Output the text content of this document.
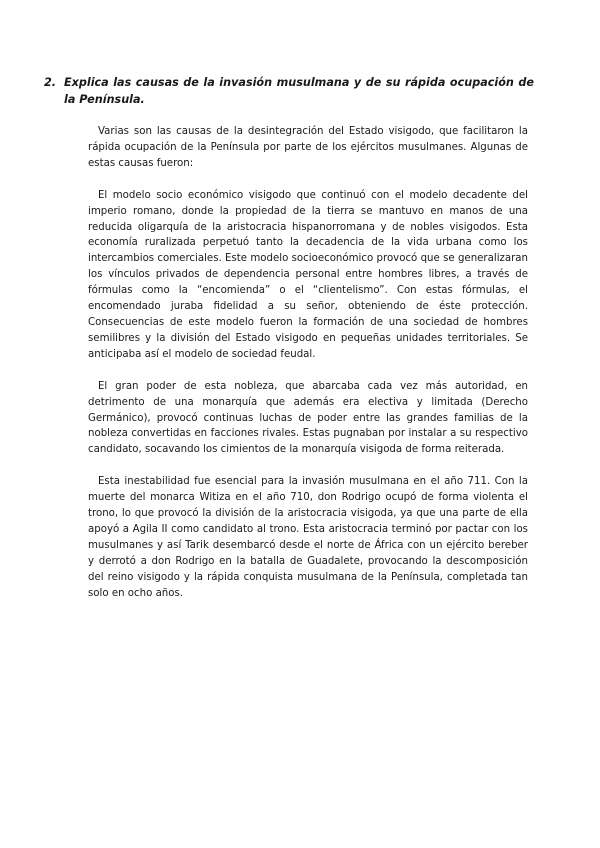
2. Explica las causas de la invasión musulmana y de su rápida ocupación de la Península.

Varias son las causas de la desintegración del Estado visigodo, que facilitaron la rápida ocupación de la Península por parte de los ejércitos musulmanes. Algunas de estas causas fueron:

El modelo socio económico visigodo que continuó con el modelo decadente del imperio romano, donde la propiedad de la tierra se mantuvo en manos de una reducida oligarquía de la aristocracia hispanorromana y de nobles visigodos. Esta economía ruralizada perpetuó tanto la decadencia de la vida urbana como los intercambios comerciales. Este modelo socioeconómico provocó que se generalizaran los vínculos privados de dependencia personal entre hombres libres, a través de fórmulas como la “encomienda” o el “clientelismo”. Con estas fórmulas, el encomendado juraba fidelidad a su señor, obteniendo de éste protección. Consecuencias de este modelo fueron la formación de una sociedad de hombres semilibres y la división del Estado visigodo en pequeñas unidades territoriales. Se anticipaba así el modelo de sociedad feudal.

El gran poder de esta nobleza, que abarcaba cada vez más autoridad, en detrimento de una monarquía que además era electiva y limitada (Derecho Germánico), provocó continuas luchas de poder entre las grandes familias de la nobleza convertidas en facciones rivales. Estas pugnaban por instalar a su respectivo candidato, socavando los cimientos de la monarquía visigoda de forma reiterada.

Esta inestabilidad fue esencial para la invasión musulmana en el año 711. Con la muerte del monarca Witiza en el año 710, don Rodrigo ocupó de forma violenta el trono, lo que provocó la división de la aristocracia visigoda, ya que una parte de ella apoyó a Agila II como candidato al trono. Esta aristocracia terminó por pactar con los musulmanes y así Tarik desembarcó desde el norte de África con un ejército bereber y derrotó a don Rodrigo en la batalla de Guadalete, provocando la descomposición del reino visigodo y la rápida conquista musulmana de la Península, completada tan solo en ocho años.
